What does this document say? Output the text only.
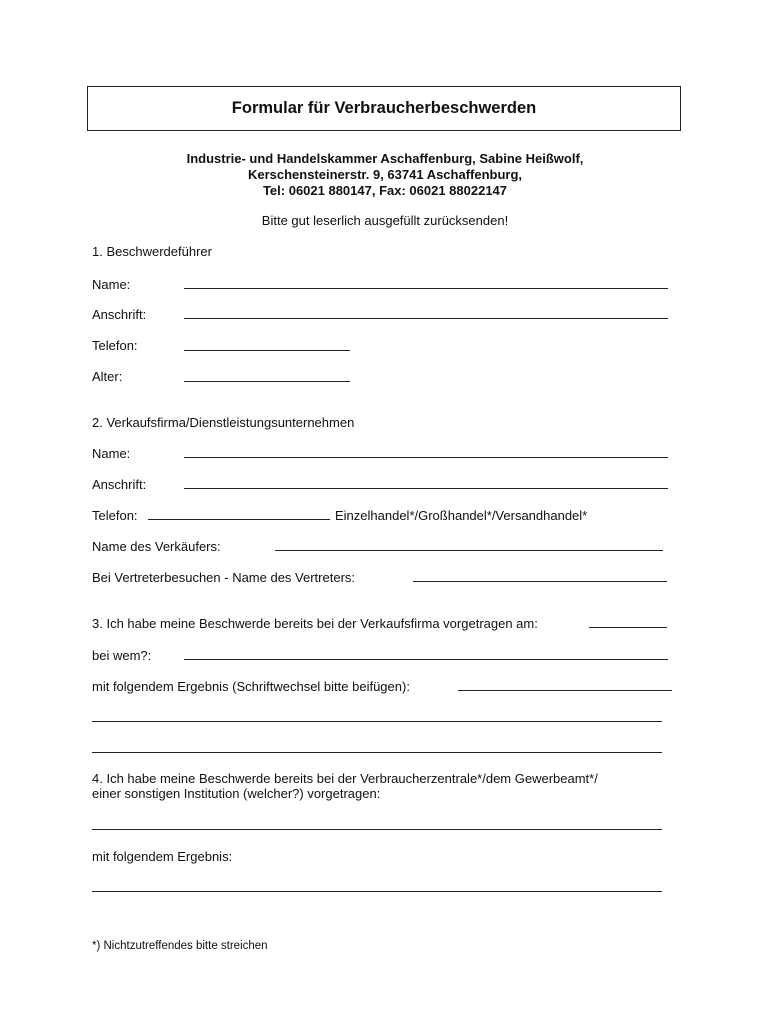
Formular für Verbraucherbeschwerden
Industrie- und Handelskammer Aschaffenburg, Sabine Heißwolf,
Kerschensteinerstr. 9, 63741 Aschaffenburg,
Tel: 06021 880147, Fax: 06021 88022147
Bitte gut leserlich ausgefüllt zurücksenden!
1. Beschwerdeführer
Name:
Anschrift:
Telefon:
Alter:
2. Verkaufsfirma/Dienstleistungsunternehmen
Name:
Anschrift:
Telefon:	Einzelhandel*/Großhandel*/Versandhandel*
Name des Verkäufers:
Bei Vertreterbesuchen - Name des Vertreters:
3. Ich habe meine Beschwerde bereits bei der Verkaufsfirma vorgetragen am:
bei wem?:
mit folgendem Ergebnis (Schriftwechsel bitte beifügen):
4. Ich habe meine Beschwerde bereits bei der Verbraucherzentrale*/dem Gewerbeamt*/
einer sonstigen Institution (welcher?) vorgetragen:
mit folgendem Ergebnis:
*) Nichtzutreffendes bitte streichen
